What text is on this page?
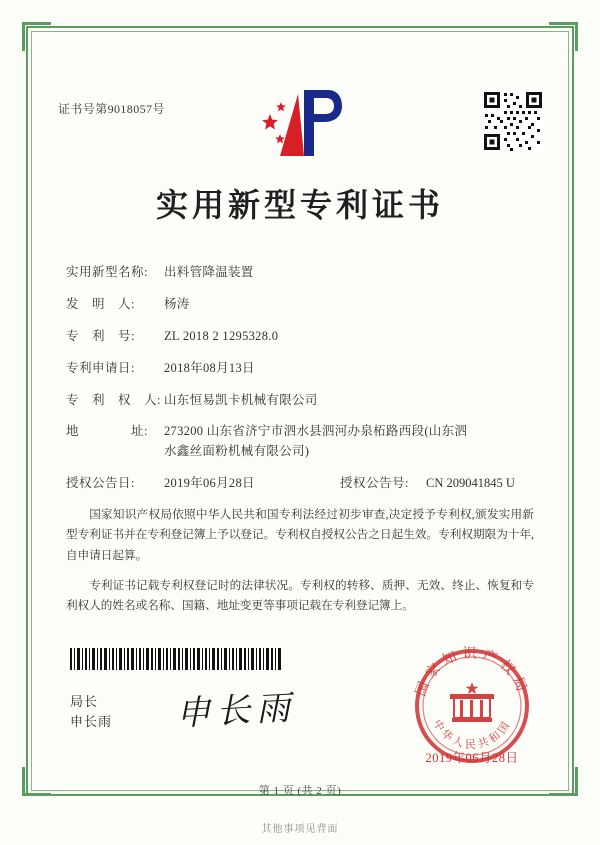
证书号第9018057号
实用新型专利证书
实用新型名称:	出料管降温装置
发　明　人:	杨涛
专　利　号:	ZL 2018 2 1295328.0
专利申请日:	2018年08月13日
专　利　权　人: 山东恒易凯卡机械有限公司
地　　　　址:	273200 山东省济宁市泗水县泗河办泉柘路西段(山东泗
水鑫丝面粉机械有限公司)
授权公告日:	2019年06月28日	授权公告号:	CN 209041845 U

国家知识产权局依照中华人民共和国专利法经过初步审查,决定授予专利权,颁发实用新型专利证书并在专利登记簿上予以登记。专利权自授权公告之日起生效。专利权期限为十年,自申请日起算。

专利证书记载专利权登记时的法律状况。专利权的转移、质押、无效、终止、恢复和专利权人的姓名或名称、国籍、地址变更等事项记载在专利登记簿上。

局长
申长雨 申长雨
国家知识产权局
中华人民共和国
2019年06月28日
第 1 页 (共 2 页)
其他事项见背面
